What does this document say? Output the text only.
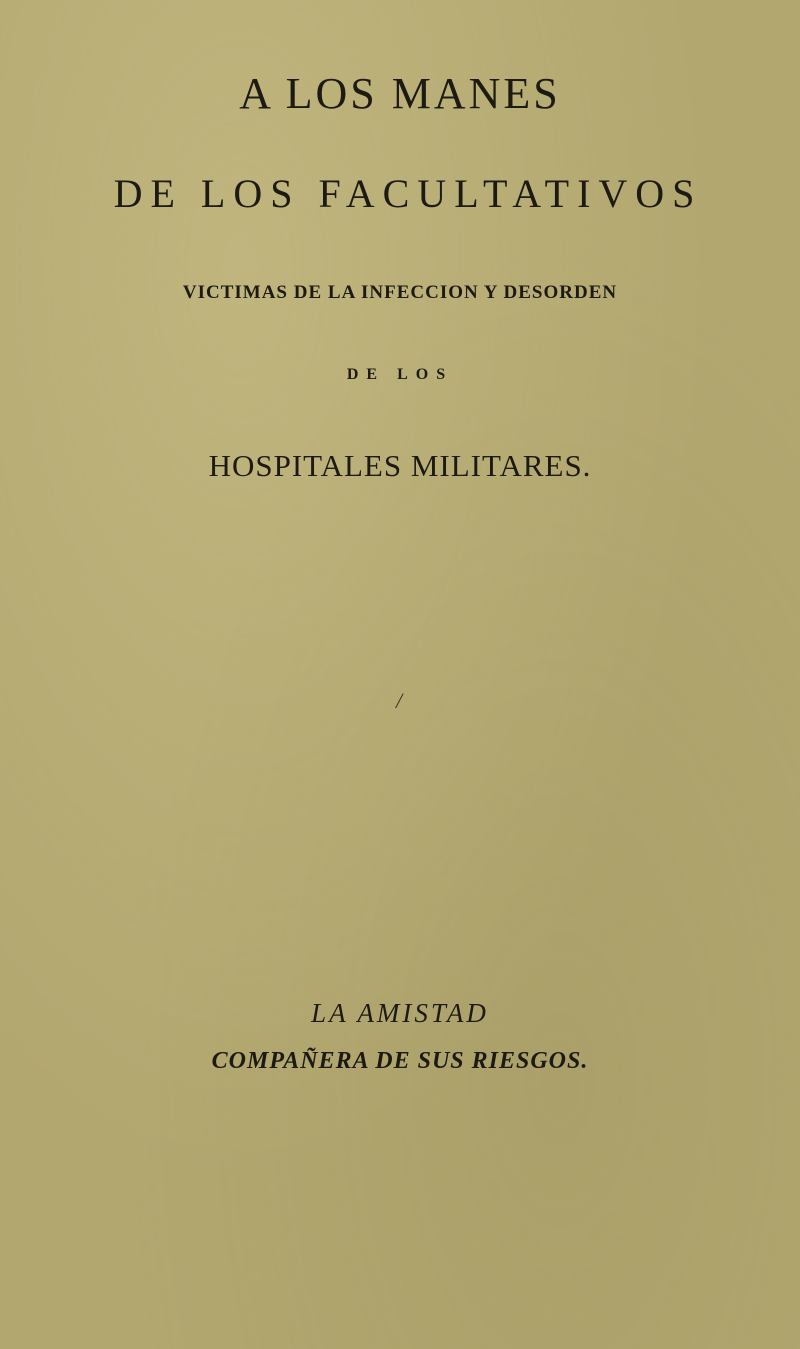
A LOS MANES
DE LOS FACULTATIVOS
VICTIMAS DE LA INFECCION Y DESORDEN
DE LOS
HOSPITALES MILITARES.
/
LA AMISTAD
COMPAÑERA DE SUS RIESGOS.
